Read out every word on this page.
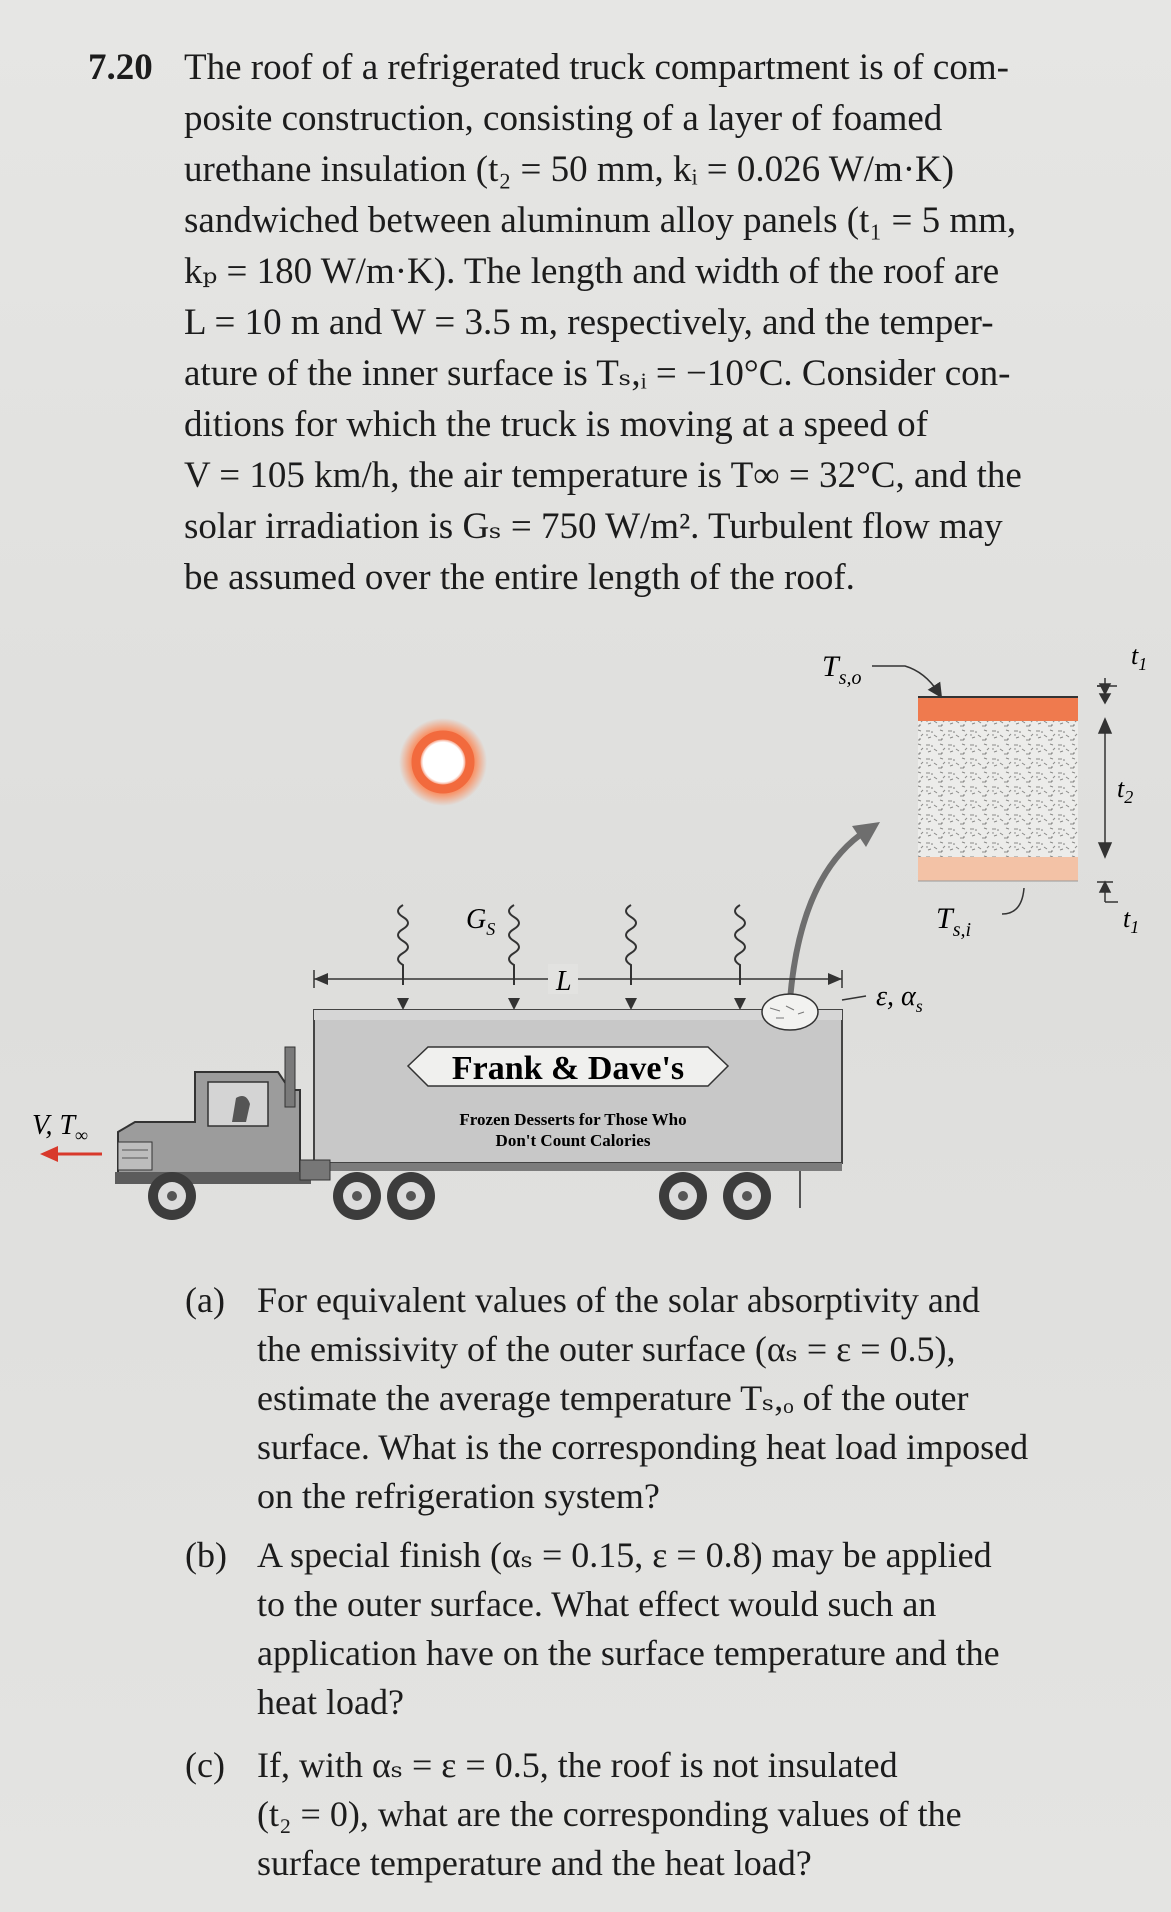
7.20 The roof of a refrigerated truck compartment is of com-
posite construction, consisting of a layer of foamed
urethane insulation (t₂ = 50 mm, kᵢ = 0.026 W/m·K)
sandwiched between aluminum alloy panels (t₁ = 5 mm,
kₚ = 180 W/m·K). The length and width of the roof are
L = 10 m and W = 3.5 m, respectively, and the temper-
ature of the inner surface is Tₛ,ᵢ = −10°C. Consider con-
ditions for which the truck is moving at a speed of
V = 105 km/h, the air temperature is T∞ = 32°C, and the
solar irradiation is Gₛ = 750 W/m². Turbulent flow may
be assumed over the entire length of the roof.
$T_{s,o}$
$T_{s,i}$
$t_1$
$t_2$
$t_1$
$G_S$
L	ε, $\alpha_s$
Frank & Dave's
Frozen Desserts for Those Who
Don't Count Calories
V, $T_\infty$
(a) For equivalent values of the solar absorptivity and
the emissivity of the outer surface (αₛ = ε = 0.5),
estimate the average temperature Tₛ,ₒ of the outer
surface. What is the corresponding heat load imposed
on the refrigeration system?
(b) A special finish (αₛ = 0.15, ε = 0.8) may be applied
to the outer surface. What effect would such an
application have on the surface temperature and the
heat load?
(c) If, with αₛ = ε = 0.5, the roof is not insulated
(t₂ = 0), what are the corresponding values of the
surface temperature and the heat load?
